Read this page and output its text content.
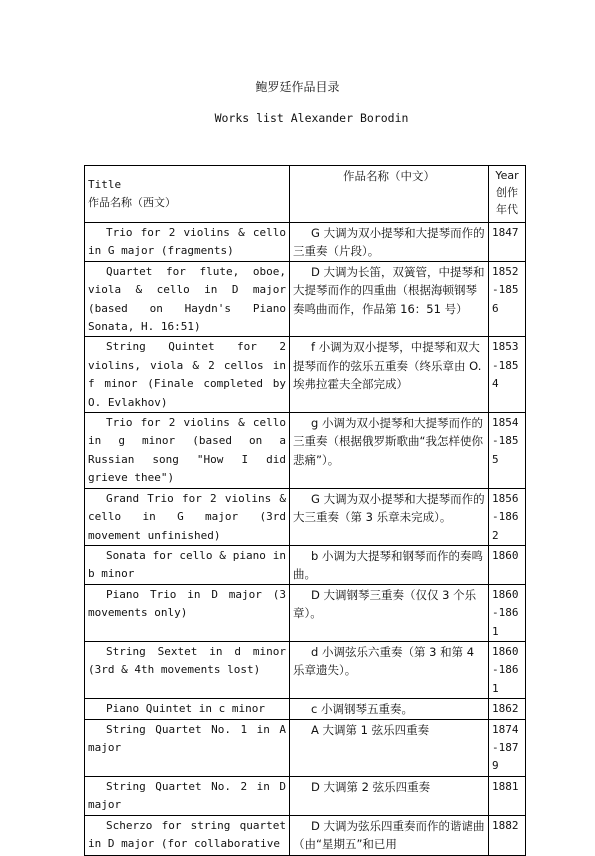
鲍罗廷作品目录
Works list Alexander Borodin
Title
作品名称（西文）	作品名称（中文）	Year 创作年代
Trio for 2 violins & cello in G major (fragments)	G 大调为双小提琴和大提琴而作的三重奏（片段）。	1847
Quartet for flute, oboe, viola & cello in D major (based on Haydn's Piano Sonata, H. 16:51)	D 大调为长笛，双簧管，中提琴和大提琴而作的四重曲（根据海顿钢琴奏鸣曲而作，作品第 16：51 号）	1852-1856
String Quintet for 2 violins, viola & 2 cellos in f minor (Finale completed by O. Evlakhov)	f 小调为双小提琴，中提琴和双大提琴而作的弦乐五重奏（终乐章由 O.埃弗拉霍夫全部完成）	1853-1854
Trio for 2 violins & cello in g minor (based on a Russian song "How I did grieve thee")	g 小调为双小提琴和大提琴而作的三重奏（根据俄罗斯歌曲“我怎样使你悲痛”）。	1854-1855
Grand Trio for 2 violins & cello in G major (3rd movement unfinished)	G 大调为双小提琴和大提琴而作的大三重奏（第 3 乐章未完成）。	1856-1862
Sonata for cello & piano in b minor	b 小调为大提琴和钢琴而作的奏鸣曲。	1860
Piano Trio in D major (3 movements only)	D 大调钢琴三重奏（仅仅 3 个乐章）。	1860-1861
String Sextet in d minor (3rd & 4th movements lost)	d 小调弦乐六重奏（第 3 和第 4 乐章遗失）。	1860-1861
Piano Quintet in c minor	c 小调钢琴五重奏。	1862
String Quartet No. 1 in A major	A 大调第 1 弦乐四重奏	1874-1879
String Quartet No. 2 in D major	D 大调第 2 弦乐四重奏	1881
Scherzo for string quartet in D major (for collaborative	D 大调为弦乐四重奏而作的谐谑曲（由“星期五”和已用	1882
